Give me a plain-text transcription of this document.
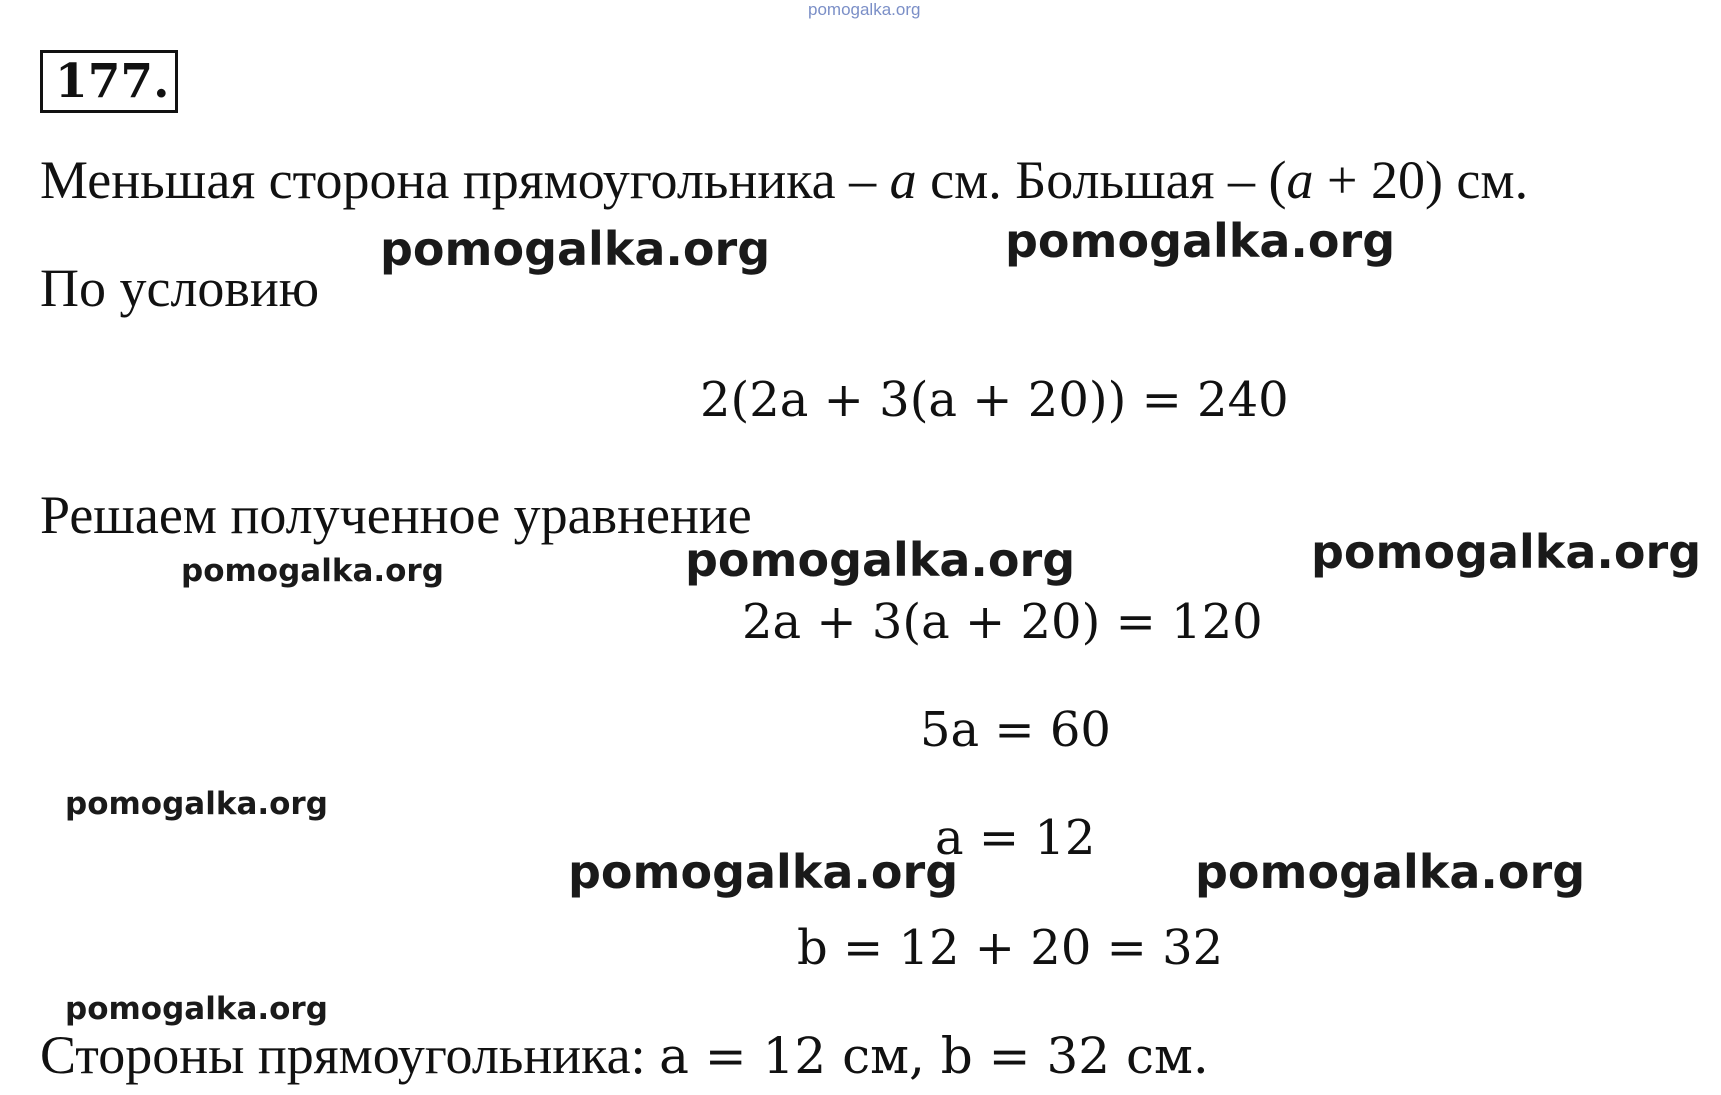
pomogalka.org
177.
Меньшая сторона прямоугольника – a см. Большая – (a + 20) см.
pomogalka.org	pomogalka.org
По условию
2(2a + 3(a + 20)) = 240
Решаем полученное уравнение
pomogalka.org	pomogalka.org	pomogalka.org
2a + 3(a + 20) = 120
5a = 60
pomogalka.org
a = 12
pomogalka.org	pomogalka.org
b = 12 + 20 = 32
pomogalka.org
Стороны прямоугольника: a = 12 см, b = 32 см.
